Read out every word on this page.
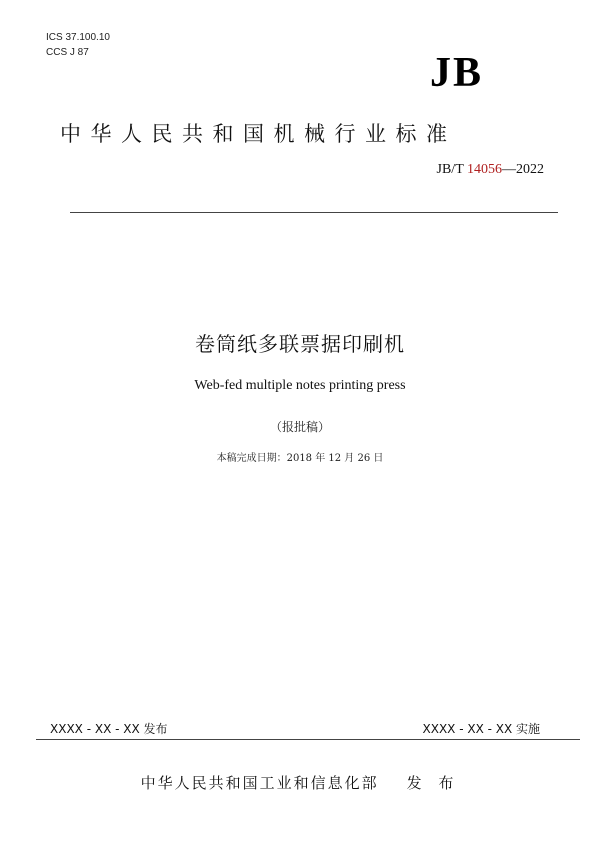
ICS 37.100.10
CCS J 87	JB
中华人民共和国机械行业标准
JB/T 14056—2022
卷筒纸多联票据印刷机
Web-fed multiple notes printing press
（报批稿）
本稿完成日期：2018 年 12 月 26 日
XXXX - XX - XX 发布	XXXX - XX - XX 实施
中华人民共和国工业和信息化部 发 布
